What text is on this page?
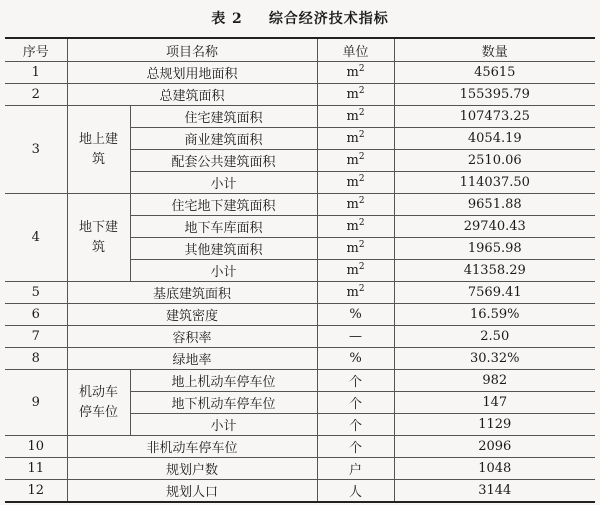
表 2 综合经济技术指标
序号	项目名称		单位	数量
1	总规划用地面积		$m^2$	45615
2	总建筑面积		$m^2$	155395.79
3	地上建筑	住宅建筑面积	$m^2$	107473.25
		商业建筑面积	$m^2$	4054.19
		配套公共建筑面积	$m^2$	2510.06
		小计	$m^2$	114037.50
4	地下建筑	住宅地下建筑面积	$m^2$	9651.88
		地下车库面积	$m^2$	29740.43
		其他建筑面积	$m^2$	1965.98
		小计	$m^2$	41358.29
5	基底建筑面积		$m^2$	7569.41
6	建筑密度		%	16.59%
7	容积率		—	2.50
8	绿地率		%	30.32%
9	机动车停车位	地上机动车停车位	个	982
		地下机动车停车位	个	147
		小计	个	1129
10	非机动车停车位		个	2096
11	规划户数		户	1048
12	规划人口		人	3144
